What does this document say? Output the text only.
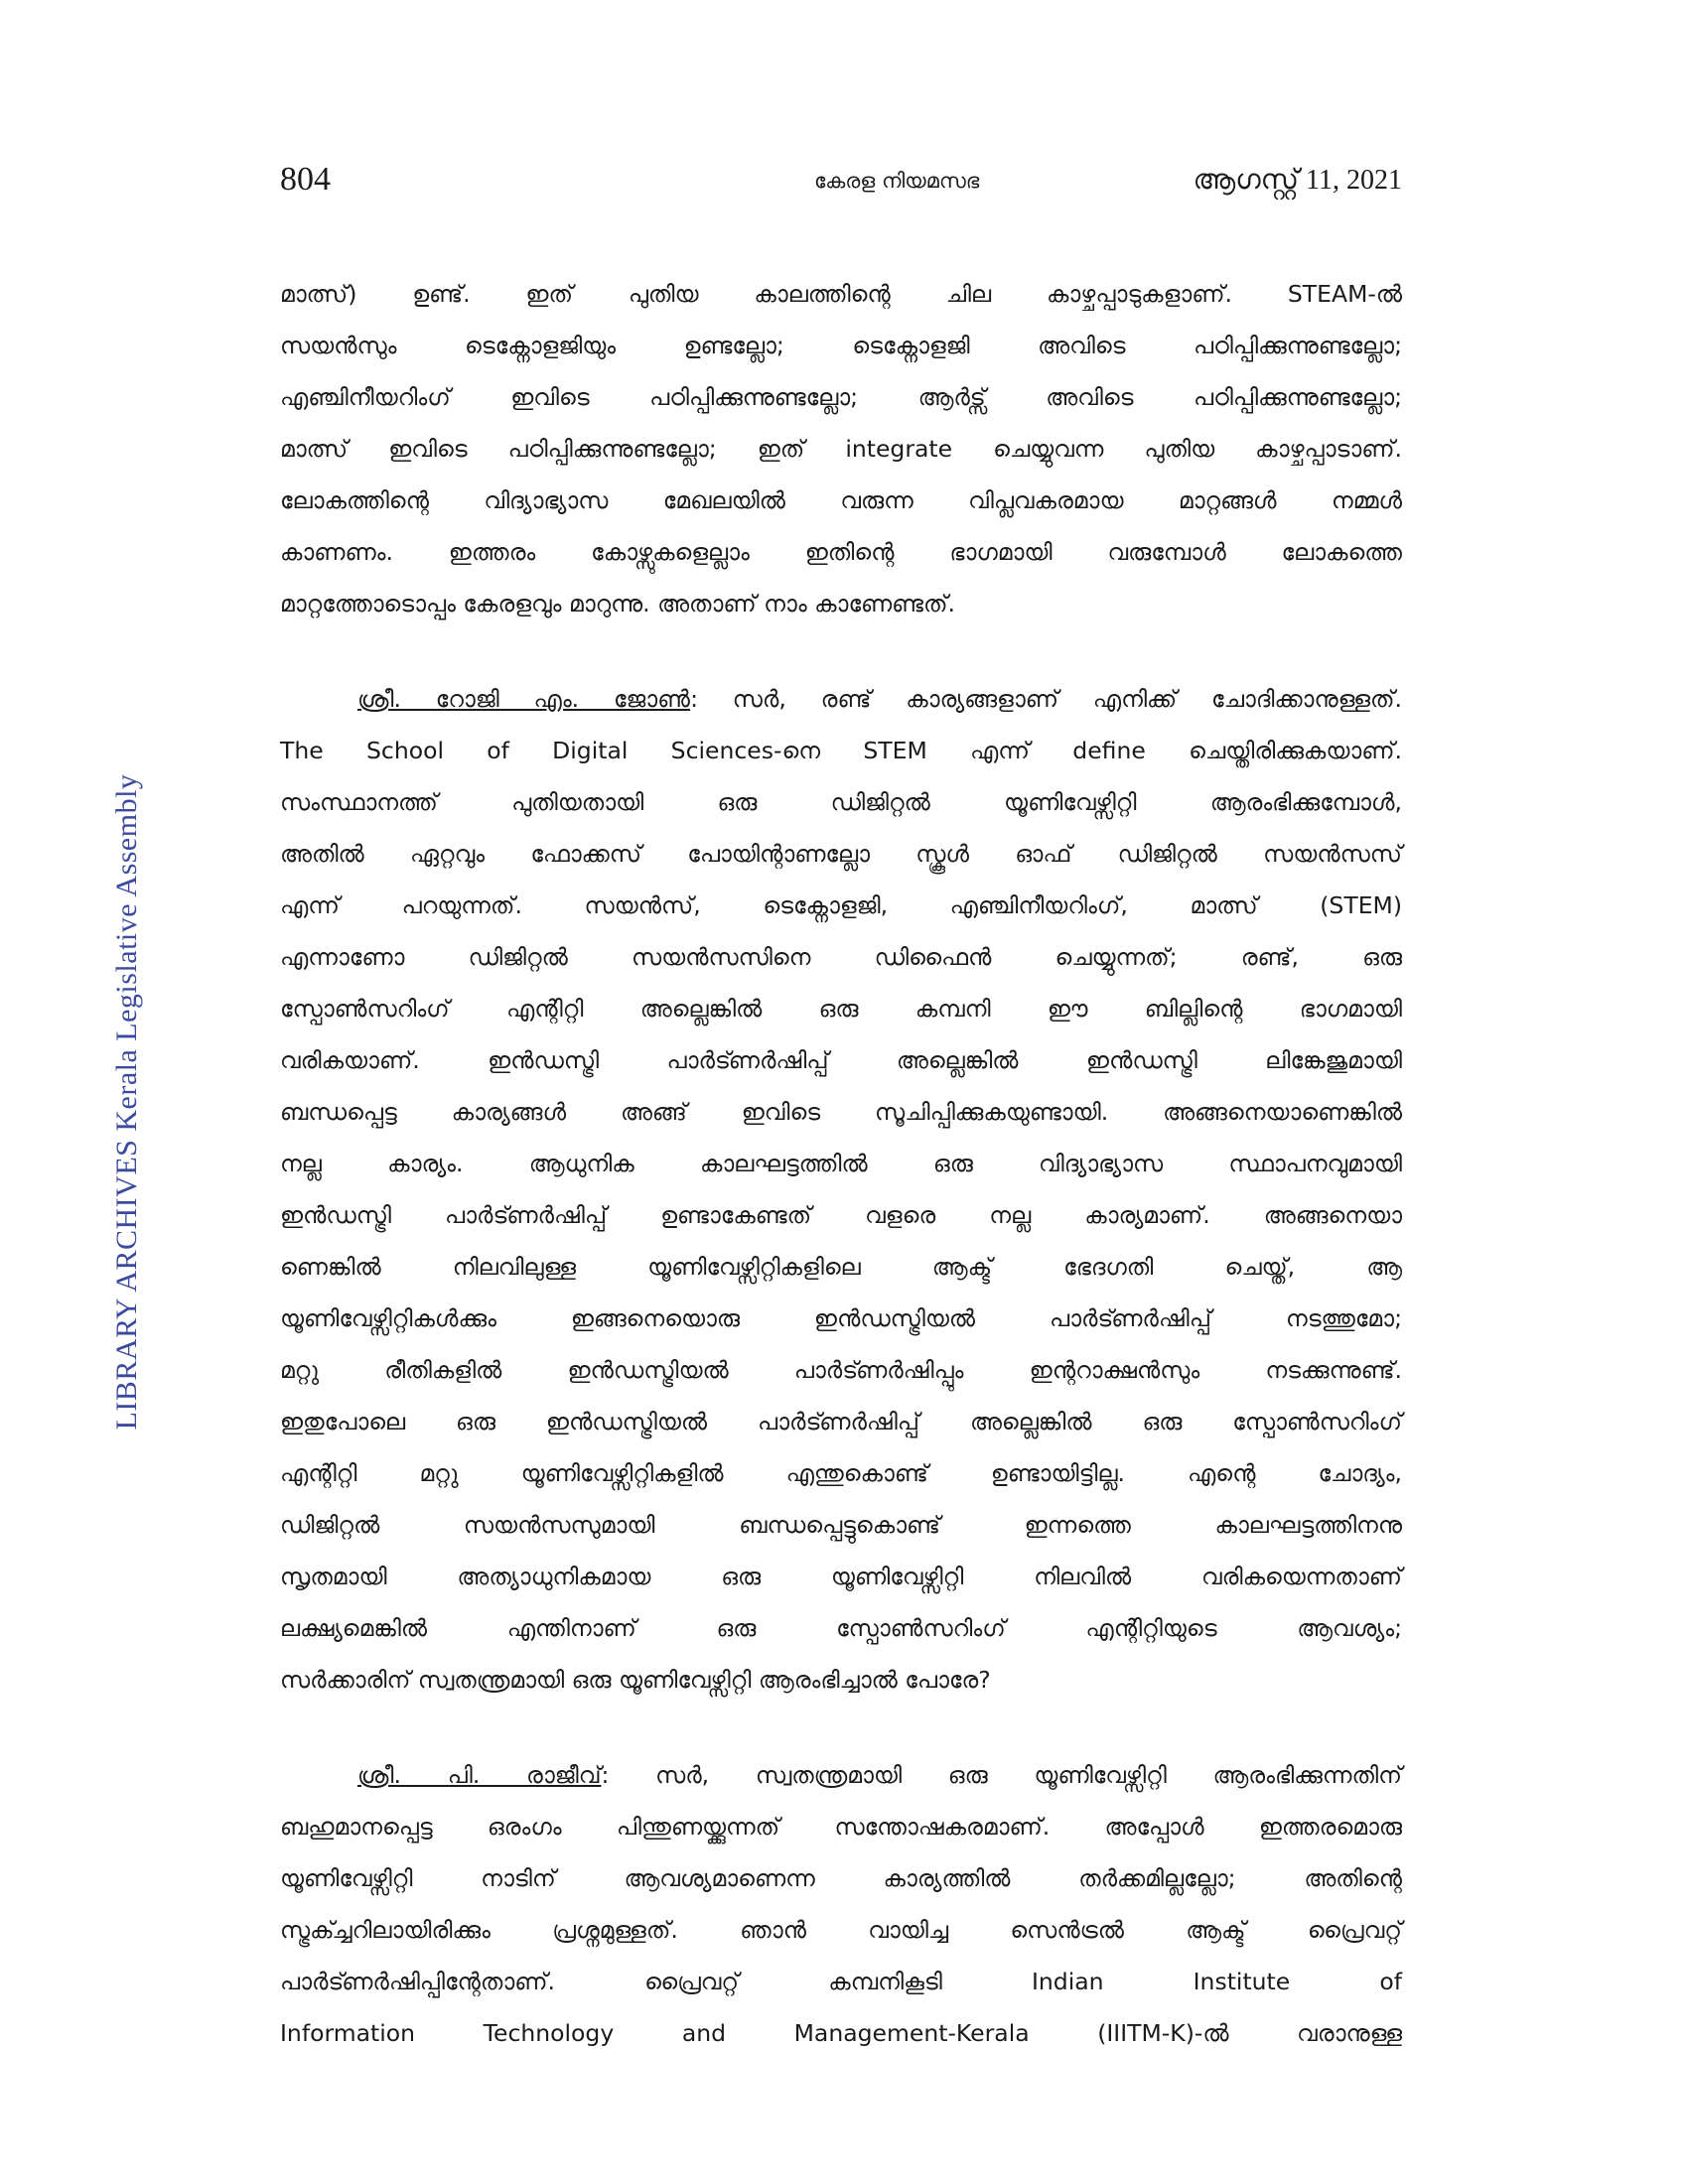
LIBRARY ARCHIVES Kerala Legislative Assembly
804	കേരള നിയമസഭ	ആഗസ്റ്റ് 11, 2021

മാത്സ്) ഉണ്ട്. ഇത് പുതിയ കാലത്തിന്റെ ചില കാഴ്ചപ്പാടുകളാണ്. STEAM-ൽ
സയൻസും ടെക്നോളജിയും ഉണ്ടല്ലോ; ടെക്നോളജി അവിടെ പഠിപ്പിക്കുന്നുണ്ടല്ലോ;
എഞ്ചിനീയറിംഗ് ഇവിടെ പഠിപ്പിക്കുന്നുണ്ടല്ലോ; ആർട്സ് അവിടെ പഠിപ്പിക്കുന്നുണ്ടല്ലോ;
മാത്സ് ഇവിടെ പഠിപ്പിക്കുന്നുണ്ടല്ലോ; ഇത് integrate ചെയ്യുവന്ന പുതിയ കാഴ്ചപ്പാടാണ്.
ലോകത്തിന്റെ വിദ്യാഭ്യാസ മേഖലയിൽ വരുന്ന വിപ്ലവകരമായ മാറ്റങ്ങൾ നമ്മൾ
കാണണം. ഇത്തരം കോഴ്സുകളെല്ലാം ഇതിന്റെ ഭാഗമായി വരുമ്പോൾ ലോകത്തെ
മാറ്റത്തോടൊപ്പം കേരളവും മാറുന്നു. അതാണ് നാം കാണേണ്ടത്.

ശ്രീ. റോജി എം. ജോൺ: സർ, രണ്ട് കാര്യങ്ങളാണ് എനിക്ക് ചോദിക്കാനുള്ളത്.
The School of Digital Sciences-നെ STEM എന്ന് define ചെയ്തിരിക്കുകയാണ്.
സംസ്ഥാനത്ത് പുതിയതായി ഒരു ഡിജിറ്റൽ യൂണിവേഴ്സിറ്റി ആരംഭിക്കുമ്പോൾ,
അതിൽ ഏറ്റവും ഫോക്കസ് പോയിന്റാണല്ലോ സ്കൂൾ ഓഫ് ഡിജിറ്റൽ സയൻസസ്
എന്ന് പറയുന്നത്. സയൻസ്, ടെക്നോളജി, എഞ്ചിനീയറിംഗ്, മാത്സ് (STEM)
എന്നാണോ ഡിജിറ്റൽ സയൻസസിനെ ഡിഫൈൻ ചെയ്യുന്നത്; രണ്ട്, ഒരു
സ്പോൺസറിംഗ് എന്റിറ്റി അല്ലെങ്കിൽ ഒരു കമ്പനി ഈ ബില്ലിന്റെ ഭാഗമായി
വരികയാണ്. ഇൻഡസ്ട്രി പാർട്ണർഷിപ്പ് അല്ലെങ്കിൽ ഇൻഡസ്ട്രി ലിങ്കേജുമായി
ബന്ധപ്പെട്ട കാര്യങ്ങൾ അങ്ങ് ഇവിടെ സൂചിപ്പിക്കുകയുണ്ടായി. അങ്ങനെയാണെങ്കിൽ
നല്ല കാര്യം. ആധുനിക കാലഘട്ടത്തിൽ ഒരു വിദ്യാഭ്യാസ സ്ഥാപനവുമായി
ഇൻഡസ്ട്രി പാർട്ണർഷിപ്പ് ഉണ്ടാകേണ്ടത് വളരെ നല്ല കാര്യമാണ്. അങ്ങനെയാ
ണെങ്കിൽ നിലവിലുള്ള യൂണിവേഴ്സിറ്റികളിലെ ആക്ട് ഭേദഗതി ചെയ്ത്, ആ
യൂണിവേഴ്സിറ്റികൾക്കും ഇങ്ങനെയൊരു ഇൻഡസ്ട്രിയൽ പാർട്ണർഷിപ്പ് നടത്തുമോ;
മറ്റു രീതികളിൽ ഇൻഡസ്ട്രിയൽ പാർട്ണർഷിപ്പും ഇന്ററാക്ഷൻസും നടക്കുന്നുണ്ട്.
ഇതുപോലെ ഒരു ഇൻഡസ്ട്രിയൽ പാർട്ണർഷിപ്പ് അല്ലെങ്കിൽ ഒരു സ്പോൺസറിംഗ്
എന്റിറ്റി മറ്റു യൂണിവേഴ്സിറ്റികളിൽ എന്തുകൊണ്ട് ഉണ്ടായിട്ടില്ല. എന്റെ ചോദ്യം,
ഡിജിറ്റൽ സയൻസസുമായി ബന്ധപ്പെട്ടുകൊണ്ട് ഇന്നത്തെ കാലഘട്ടത്തിനനു
സൃതമായി അത്യാധുനികമായ ഒരു യൂണിവേഴ്സിറ്റി നിലവിൽ വരികയെന്നതാണ്
ലക്ഷ്യമെങ്കിൽ എന്തിനാണ് ഒരു സ്പോൺസറിംഗ് എന്റിറ്റിയുടെ ആവശ്യം;
സർക്കാരിന് സ്വതന്ത്രമായി ഒരു യൂണിവേഴ്സിറ്റി ആരംഭിച്ചാൽ പോരേ?

ശ്രീ. പി. രാജീവ്: സർ, സ്വതന്ത്രമായി ഒരു യൂണിവേഴ്സിറ്റി ആരംഭിക്കുന്നതിന്
ബഹുമാനപ്പെട്ട ഒരംഗം പിന്തുണയ്ക്കുന്നത് സന്തോഷകരമാണ്. അപ്പോൾ ഇത്തരമൊരു
യൂണിവേഴ്സിറ്റി നാടിന് ആവശ്യമാണെന്ന കാര്യത്തിൽ തർക്കമില്ലല്ലോ; അതിന്റെ
സ്ട്രക്ച്ചറിലായിരിക്കും പ്രശ്നമുള്ളത്. ഞാൻ വായിച്ച സെൻട്രൽ ആക്ട് പ്രൈവറ്റ്
പാർട്ണർഷിപ്പിന്റേതാണ്. പ്രൈവറ്റ് കമ്പനികൂടി Indian Institute of
Information Technology and Management-Kerala (IIITM-K)-ൽ വരാനുള്ള
